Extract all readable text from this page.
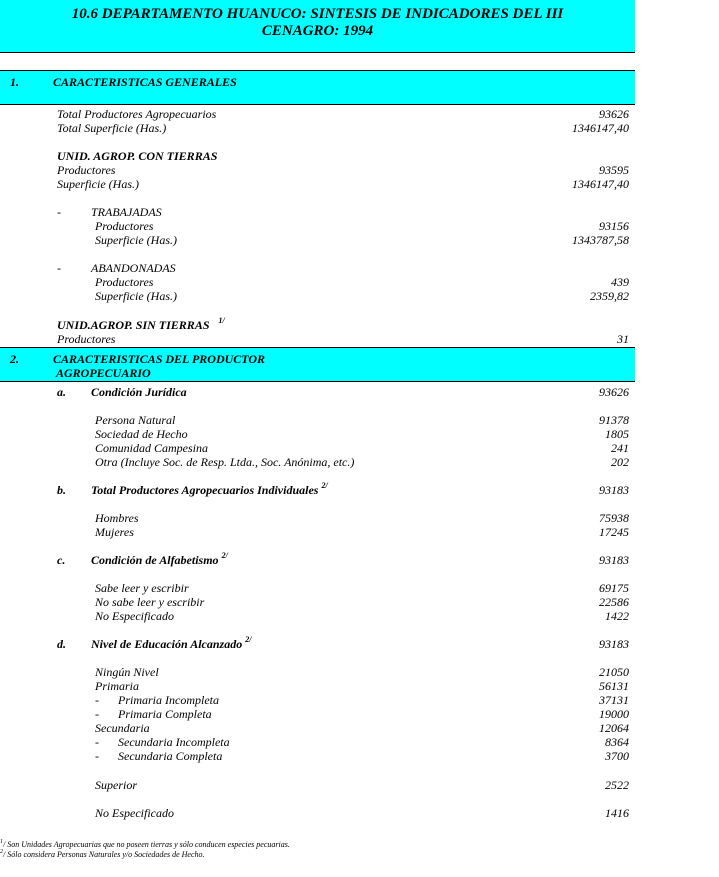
10.6 DEPARTAMENTO HUANUCO: SINTESIS DE INDICADORES DEL III
CENAGRO: 1994
1.	CARACTERISTICAS GENERALES
Total Productores Agropecuarios	93626
Total Superficie (Has.)	1346147,40
UNID. AGROP. CON TIERRAS
Productores	93595
Superficie (Has.)	1346147,40
-	TRABAJADAS
Productores	93156
Superficie (Has.)	1343787,58
-	ABANDONADAS
Productores	439
Superficie (Has.)	2359,82
UNID.AGROP. SIN TIERRAS $^{1/}$
Productores	31
2.	CARACTERISTICAS DEL PRODUCTOR
AGROPECUARIO
a. Condición Jurídica	93626
Persona Natural	91378
Sociedad de Hecho	1805
Comunidad Campesina	241
Otra (Incluye Soc. de Resp. Ltda., Soc. Anónima, etc.)	202
b. Total Productores Agropecuarios Individuales $^{2/}$	93183
Hombres	75938
Mujeres	17245
c. Condición de Alfabetismo $^{2/}$	93183
Sabe leer y escribir	69175
No sabe leer y escribir	22586
No Especificado	1422
d. Nivel de Educación Alcanzado $^{2/}$	93183
Ningún Nivel	21050
Primaria	56131
- Primaria Incompleta	37131
- Primaria Completa	19000
Secundaria	12064
- Secundaria Incompleta	8364
- Secundaria Completa	3700
Superior	2522
No Especificado	1416
$^1$/ Son Unidades Agropecuarias que no poseen tierras y sólo conducen especies pecuarias.
$^2$/ Sólo considera Personas Naturales y/o Sociedades de Hecho.
